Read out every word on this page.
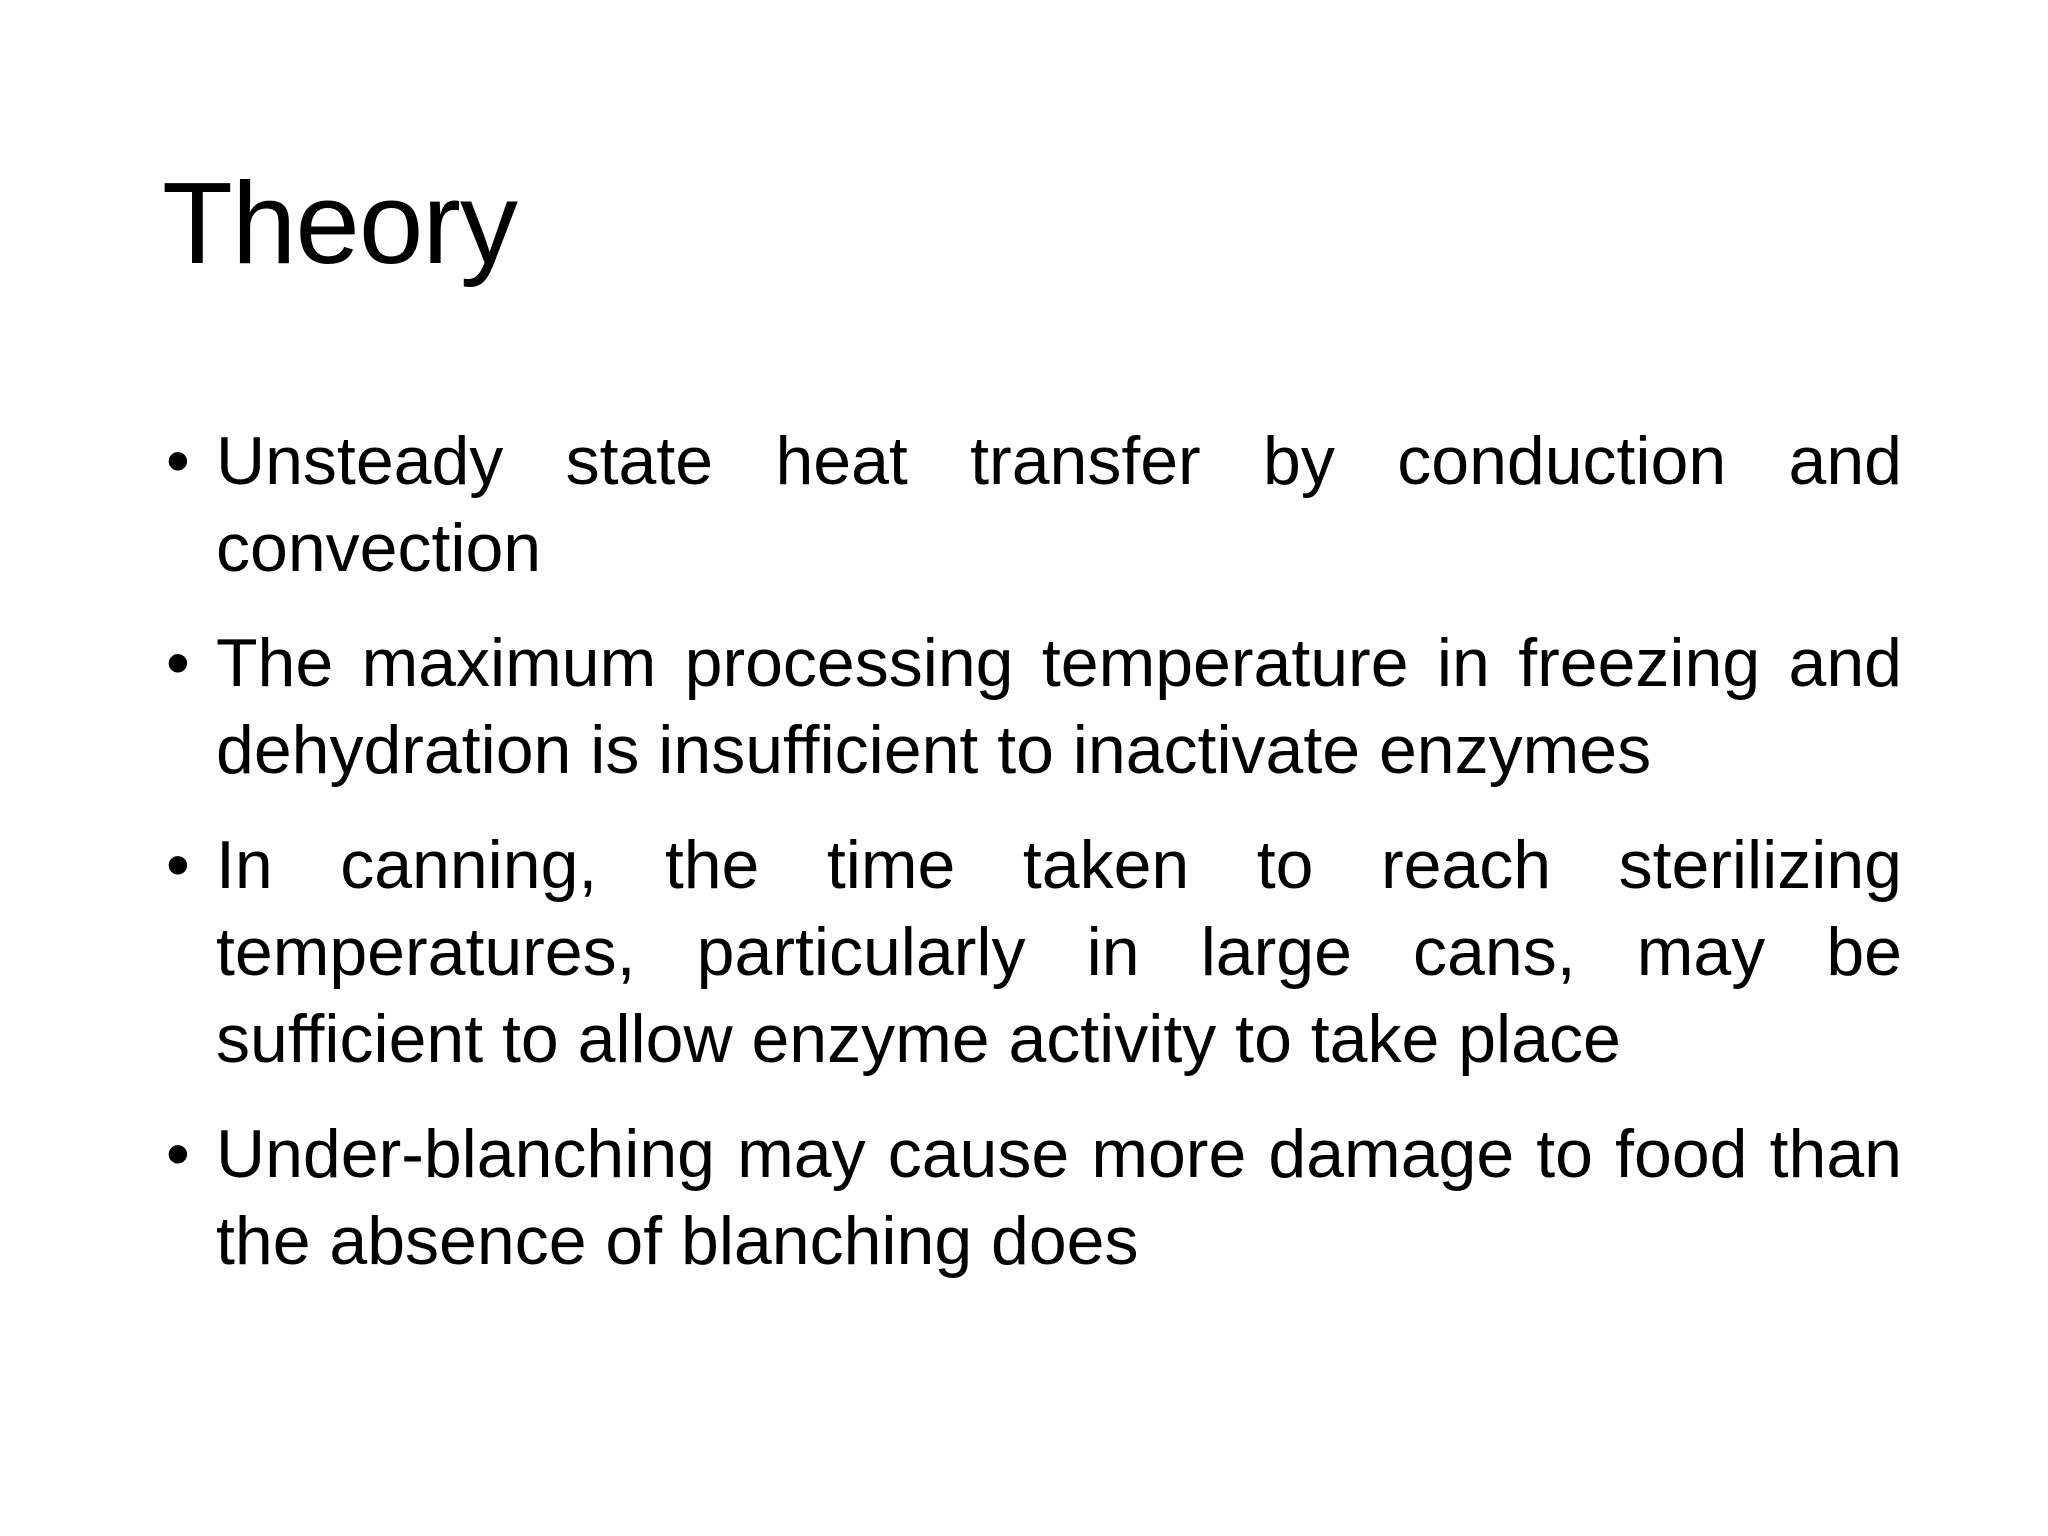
Theory
• Unsteady state heat transfer by conduction and convection
• The maximum processing temperature in freezing and dehydration is insufficient to inactivate enzymes
• In canning, the time taken to reach sterilizing temperatures, particularly in large cans, may be sufficient to allow enzyme activity to take place
• Under-blanching may cause more damage to food than the absence of blanching does
